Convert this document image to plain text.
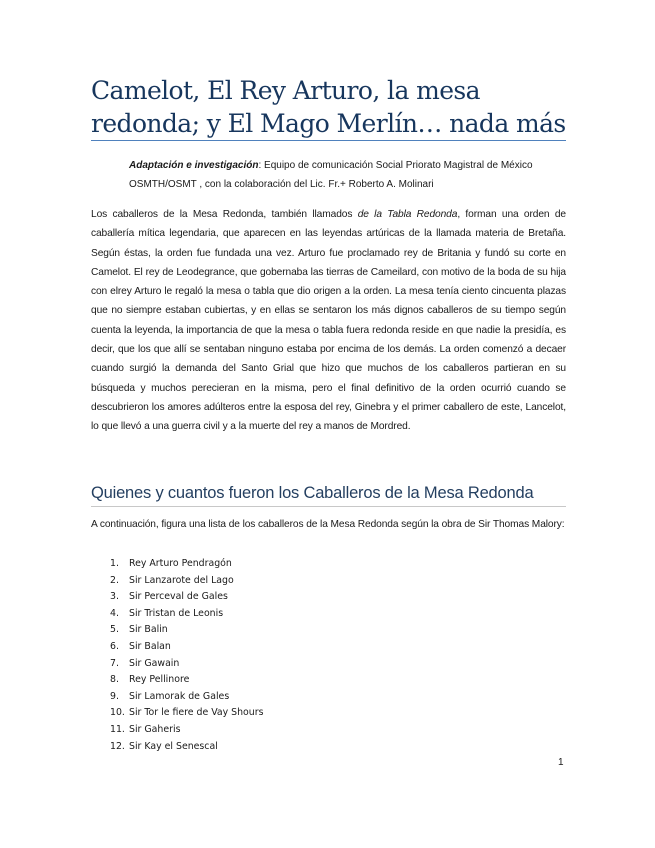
Camelot, El Rey Arturo, la mesa redonda; y El Mago Merlín… nada más

Adaptación e investigación: Equipo de comunicación Social Priorato Magistral de México OSMTH/OSMT , con la colaboración del Lic. Fr.+ Roberto A. Molinari

Los caballeros de la Mesa Redonda, también llamados de la Tabla Redonda, forman una orden de caballería mítica legendaria, que aparecen en las leyendas artúricas de la llamada materia de Bretaña. Según éstas, la orden fue fundada una vez. Arturo fue proclamado rey de Britania y fundó su corte en Camelot. El rey de Leodegrance, que gobernaba las tierras de Cameilard, con motivo de la boda de su hija con elrey Arturo le regaló la mesa o tabla que dio origen a la orden. La mesa tenía ciento cincuenta plazas que no siempre estaban cubiertas, y en ellas se sentaron los más dignos caballeros de su tiempo según cuenta la leyenda, la importancia de que la mesa o tabla fuera redonda reside en que nadie la presidía, es decir, que los que allí se sentaban ninguno estaba por encima de los demás. La orden comenzó a decaer cuando surgió la demanda del Santo Grial que hizo que muchos de los caballeros partieran en su búsqueda y muchos perecieran en la misma, pero el final definitivo de la orden ocurrió cuando se descubrieron los amores adúlteros entre la esposa del rey, Ginebra y el primer caballero de este, Lancelot, lo que llevó a una guerra civil y a la muerte del rey a manos de Mordred.

Quienes y cuantos fueron los Caballeros de la Mesa Redonda

A continuación, figura una lista de los caballeros de la Mesa Redonda según la obra de Sir Thomas Malory:

1.	Rey Arturo Pendragón
2.	Sir Lanzarote del Lago
3.	Sir Perceval de Gales
4.	Sir Tristan de Leonis
5.	Sir Balin
6.	Sir Balan
7.	Sir Gawain
8.	Rey Pellinore
9.	Sir Lamorak de Gales
10. Sir Tor le fiere de Vay Shours
11. Sir Gaheris
12. Sir Kay el Senescal

1
